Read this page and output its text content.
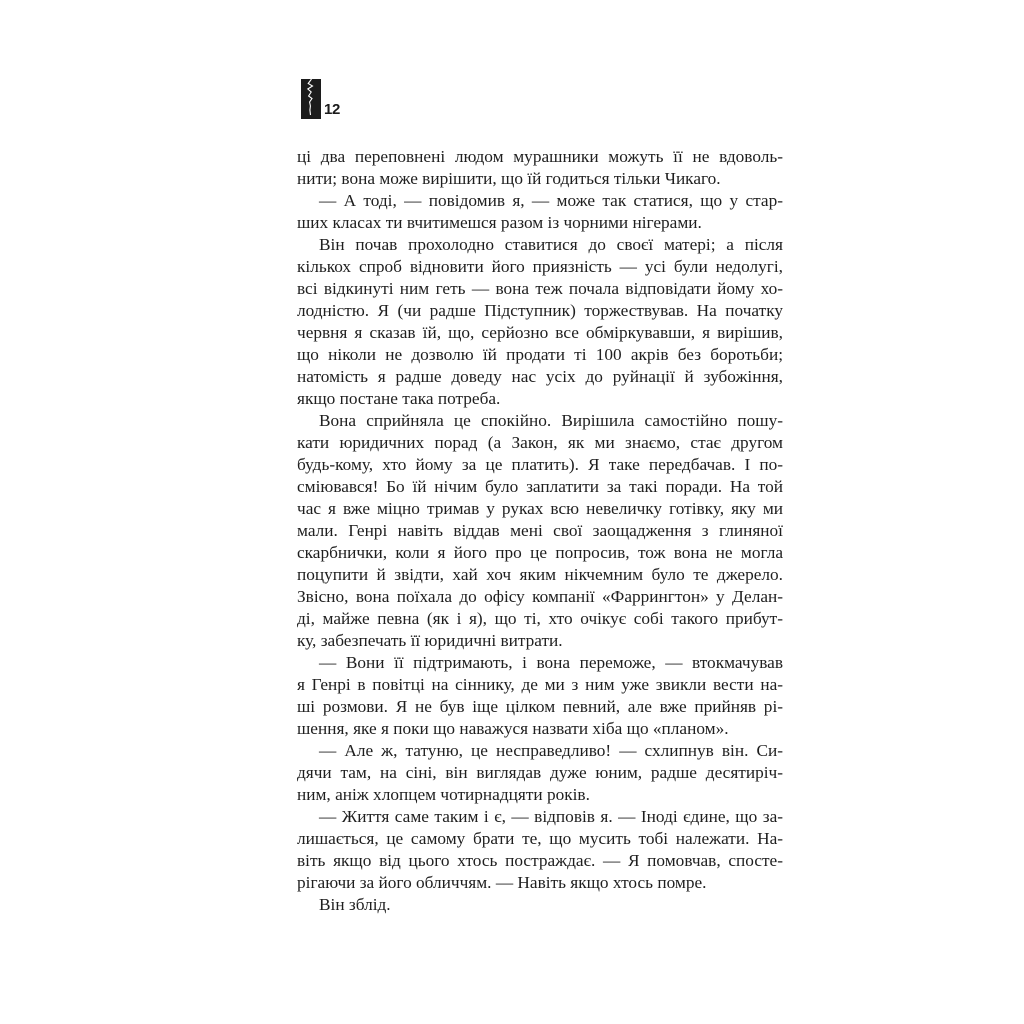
12
ці два переповнені людом мурашники можуть її не вдоволь-
нити; вона може вирішити, що їй годиться тільки Чикаго.
— А тоді, — повідомив я, — може так статися, що у стар-
ших класах ти вчитимешся разом із чорними нігерами.
Він почав прохолодно ставитися до своєї матері; а після
кількох спроб відновити його приязність — усі були недолугі,
всі відкинуті ним геть — вона теж почала відповідати йому хо-
лодністю. Я (чи радше Підступник) торжествував. На початку
червня я сказав їй, що, серйозно все обміркувавши, я вирішив,
що ніколи не дозволю їй продати ті 100 акрів без боротьби;
натомість я радше доведу нас усіх до руйнації й зубожіння,
якщо постане така потреба.
Вона сприйняла це спокійно. Вирішила самостійно пошу-
кати юридичних порад (а Закон, як ми знаємо, стає другом
будь-кому, хто йому за це платить). Я таке передбачав. І по-
сміювався! Бо їй нічим було заплатити за такі поради. На той
час я вже міцно тримав у руках всю невеличку готівку, яку ми
мали. Генрі навіть віддав мені свої заощадження з глиняної
скарбнички, коли я його про це попросив, тож вона не могла
поцупити й звідти, хай хоч яким нікчемним було те джерело.
Звісно, вона поїхала до офісу компанії «Фаррингтон» у Делан-
ді, майже певна (як і я), що ті, хто очікує собі такого прибут-
ку, забезпечать її юридичні витрати.
— Вони її підтримають, і вона переможе, — втокмачував
я Генрі в повітці на сіннику, де ми з ним уже звикли вести на-
ші розмови. Я не був іще цілком певний, але вже прийняв рі-
шення, яке я поки що наважуся назвати хіба що «планом».
— Але ж, татуню, це несправедливо! — схлипнув він. Си-
дячи там, на сіні, він виглядав дуже юним, радше десятиріч-
ним, аніж хлопцем чотирнадцяти років.
— Життя саме таким і є, — відповів я. — Іноді єдине, що за-
лишається, це самому брати те, що мусить тобі належати. На-
віть якщо від цього хтось постраждає. — Я помовчав, спосте-
рігаючи за його обличчям. — Навіть якщо хтось помре.
Він зблід.
